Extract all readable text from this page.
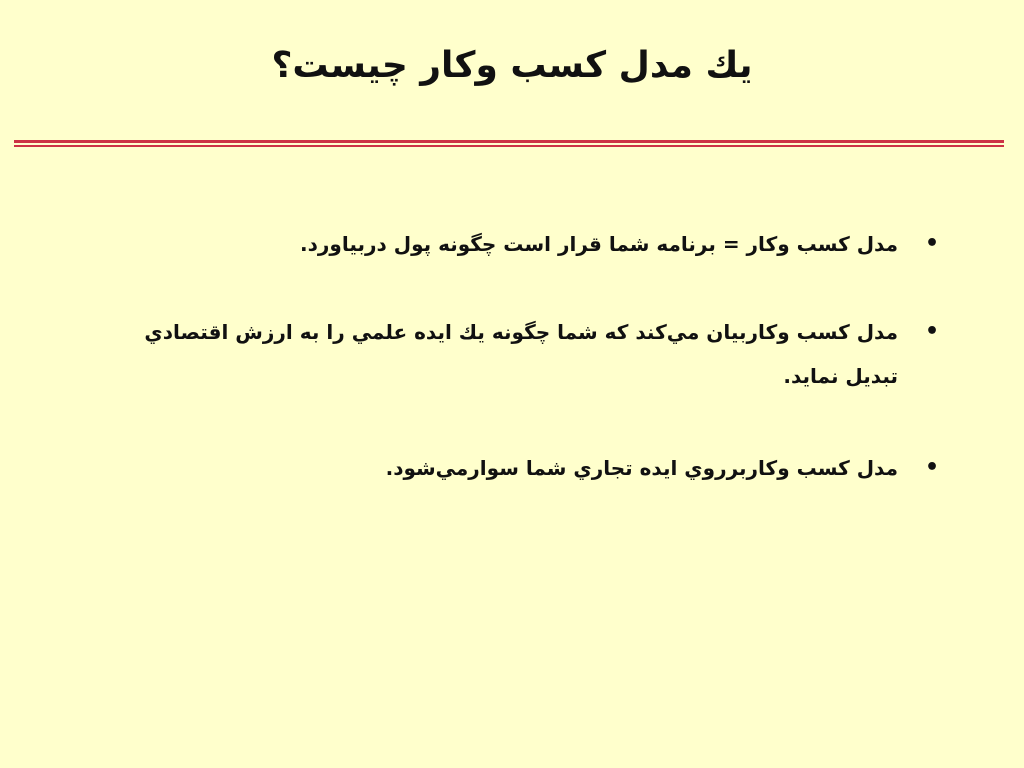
يك مدل كسب وكار چيست؟
•
مدل كسب وكار = برنامه شما قرار است چگونه پول دربياورد.
•
مدل كسب وكاربيان مي‌كند كه شما چگونه يك ايده علمي را به ارزش اقتصادي تبديل نمايد.
•
مدل كسب وكاربرروي ايده تجاري شما سوارمي‌شود.
